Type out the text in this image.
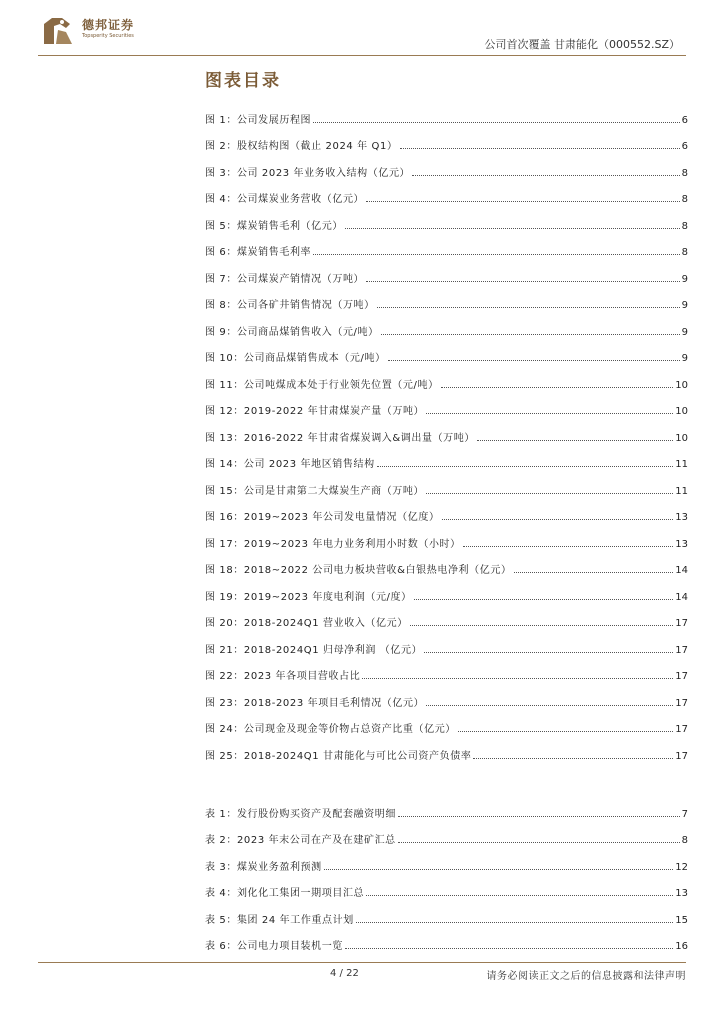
德邦证券
Topsperity Securities
公司首次覆盖 甘肃能化（000552.SZ）
图表目录
图 1：公司发展历程图	6
图 2：股权结构图（截止 2024 年 Q1）	6
图 3：公司 2023 年业务收入结构（亿元）	8
图 4：公司煤炭业务营收（亿元）	8
图 5：煤炭销售毛利（亿元）	8
图 6：煤炭销售毛利率	8
图 7：公司煤炭产销情况（万吨）	9
图 8：公司各矿井销售情况（万吨）	9
图 9：公司商品煤销售收入（元/吨）	9
图 10：公司商品煤销售成本（元/吨）	9
图 11：公司吨煤成本处于行业领先位置（元/吨）	10
图 12：2019-2022 年甘肃煤炭产量（万吨）	10
图 13：2016-2022 年甘肃省煤炭调入&调出量（万吨）	10
图 14：公司 2023 年地区销售结构	11
图 15：公司是甘肃第二大煤炭生产商（万吨）	11
图 16：2019~2023 年公司发电量情况（亿度）	13
图 17：2019~2023 年电力业务利用小时数（小时）	13
图 18：2018~2022 公司电力板块营收&白银热电净利（亿元）	14
图 19：2019~2023 年度电利润（元/度）	14
图 20：2018-2024Q1 营业收入（亿元）	17
图 21：2018-2024Q1 归母净利润 （亿元）	17
图 22：2023 年各项目营收占比	17
图 23：2018-2023 年项目毛利情况（亿元）	17
图 24：公司现金及现金等价物占总资产比重（亿元）	17
图 25：2018-2024Q1 甘肃能化与可比公司资产负债率	17
表 1：发行股份购买资产及配套融资明细	7
表 2：2023 年末公司在产及在建矿汇总	8
表 3：煤炭业务盈利预测	12
表 4：刘化化工集团一期项目汇总	13
表 5：集团 24 年工作重点计划	15
表 6：公司电力项目装机一览	16
4 / 22	请务必阅读正文之后的信息披露和法律声明
